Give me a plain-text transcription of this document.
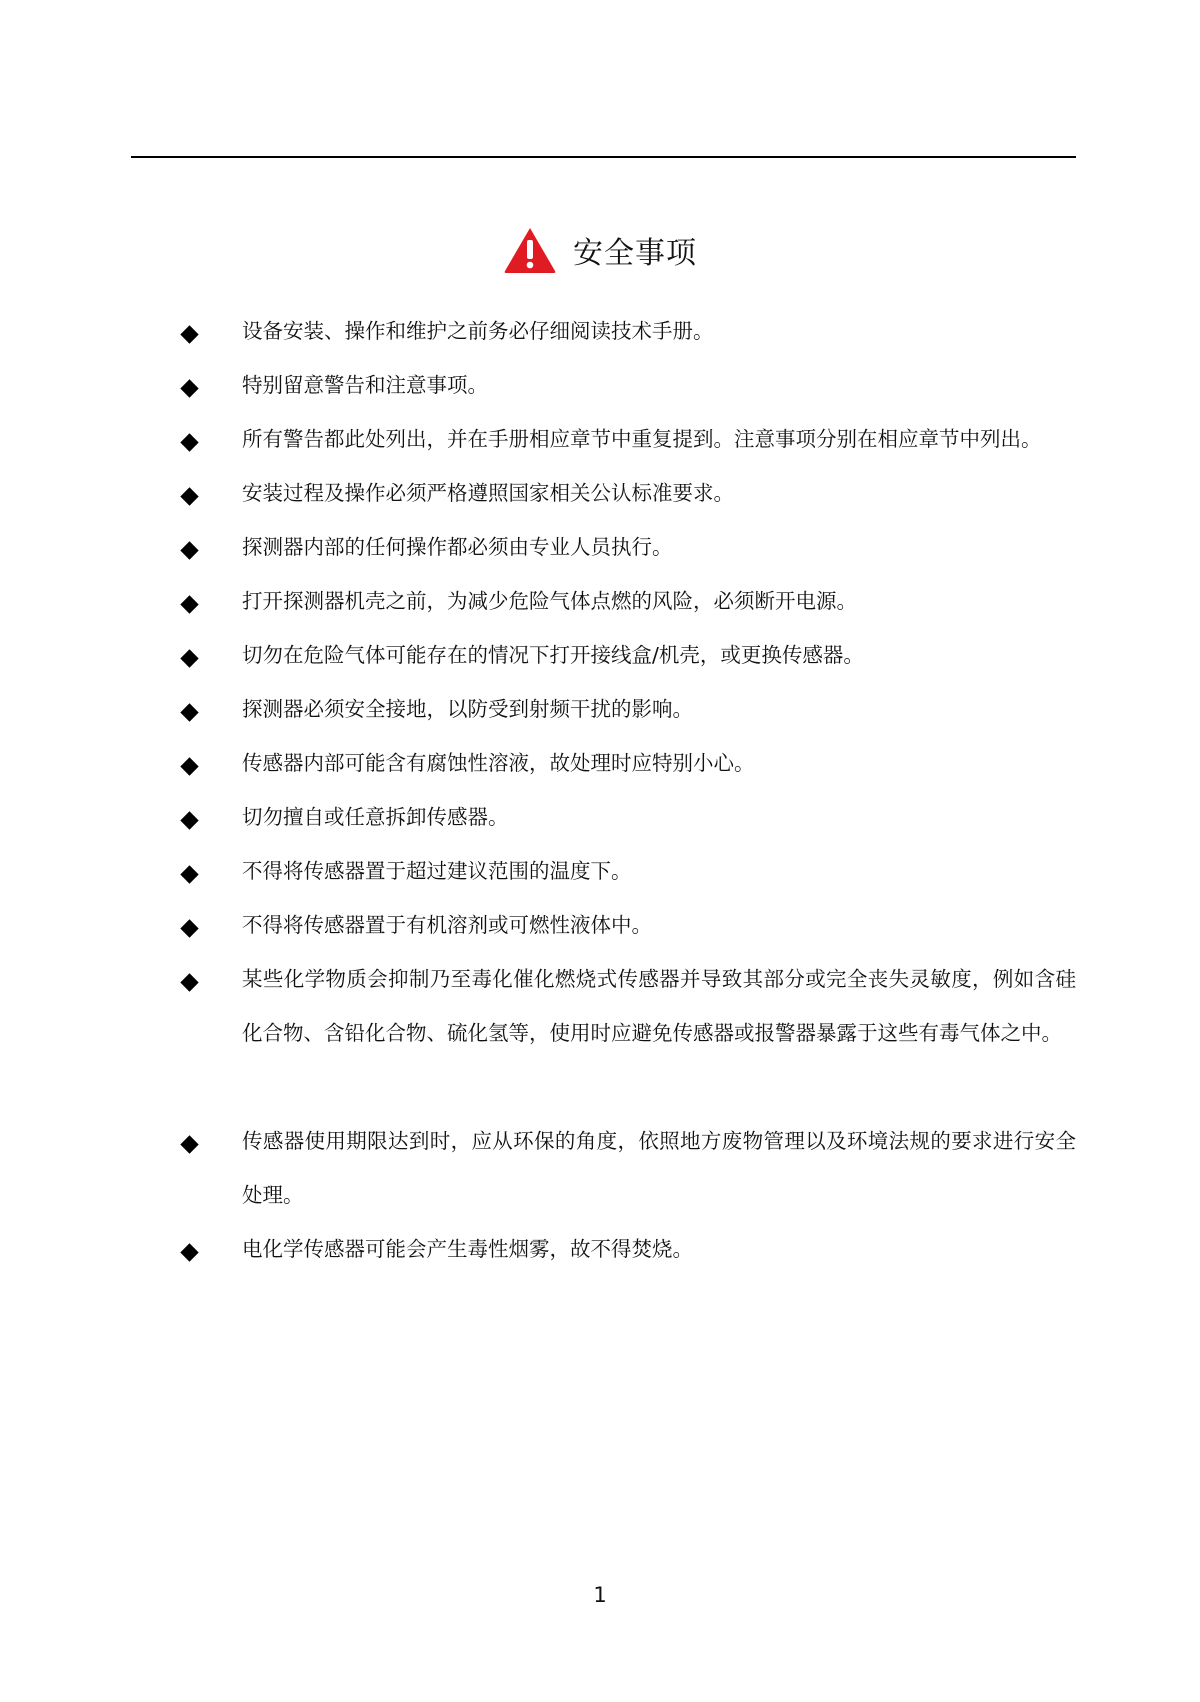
安全事项
设备安装、操作和维护之前务必仔细阅读技术手册。
特别留意警告和注意事项。
所有警告都此处列出，并在手册相应章节中重复提到。注意事项分别在相应章节中列出。
安装过程及操作必须严格遵照国家相关公认标准要求。
探测器内部的任何操作都必须由专业人员执行。
打开探测器机壳之前，为减少危险气体点燃的风险，必须断开电源。
切勿在危险气体可能存在的情况下打开接线盒/机壳，或更换传感器。
探测器必须安全接地，以防受到射频干扰的影响。
传感器内部可能含有腐蚀性溶液，故处理时应特别小心。
切勿擅自或任意拆卸传感器。
不得将传感器置于超过建议范围的温度下。
不得将传感器置于有机溶剂或可燃性液体中。
某些化学物质会抑制乃至毒化催化燃烧式传感器并导致其部分或完全丧失灵敏度，例如含硅化合物、含铅化合物、硫化氢等，使用时应避免传感器或报警器暴露于这些有毒气体之中。
传感器使用期限达到时，应从环保的角度，依照地方废物管理以及环境法规的要求进行安全处理。
电化学传感器可能会产生毒性烟雾，故不得焚烧。
1
